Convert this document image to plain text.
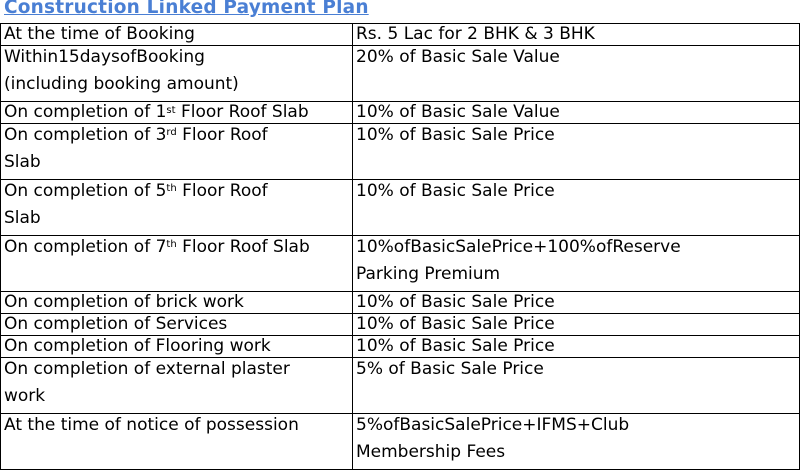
Construction Linked Payment Plan
At the time of Booking	Rs. 5 Lac for 2 BHK & 3 BHK

Within15daysofBooking
(including booking amount)	20% of Basic Sale Value

On completion of 1st Floor Roof Slab	10% of Basic Sale Value

On completion of 3rd Floor Roof
Slab	10% of Basic Sale Price

On completion of 5th Floor Roof
Slab	10% of Basic Sale Price

On completion of 7th Floor Roof Slab	10%ofBasicSalePrice+100%ofReserve
Parking Premium

On completion of brick work	10% of Basic Sale Price
On completion of Services	10% of Basic Sale Price
On completion of Flooring work	10% of Basic Sale Price

On completion of external plaster
work	5% of Basic Sale Price

At the time of notice of possession	5%ofBasicSalePrice+IFMS+Club
Membership Fees
